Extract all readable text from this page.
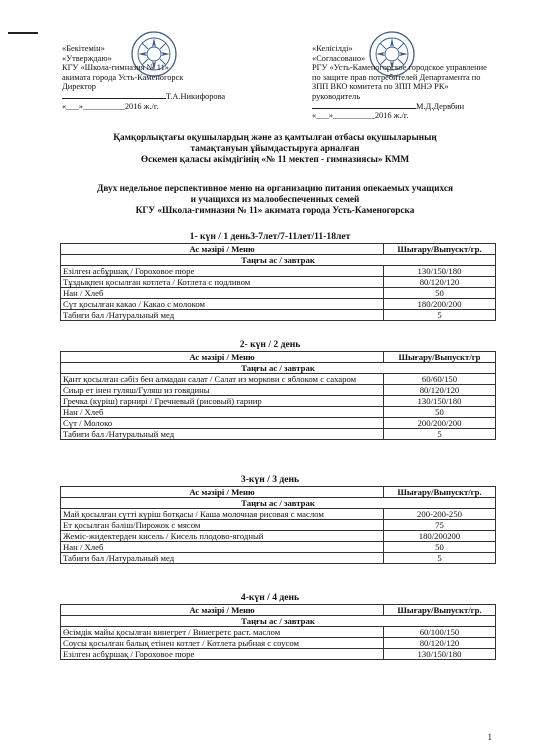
«Бекітемін»
«Утверждаю»
КГУ «Школа-гимназия № 11»
акимата города Усть-Каменогорск
Директор
Т.А.Никифорова
«___»__________2016 ж./г.
«Келісілді»
«Согласовано»
РГУ «Усть-Каменогорское городское управление
по защите прав потребителей Департамента по
ЗПП ВКО комитета по ЗПП МНЭ РК»
руководитель
М.Д.Дервбин
«___»__________2016 ж./г.
Қамқорлықтағы оқушылардың және аз қамтылған отбасы оқушыларының
тамақтануын ұйымдастыруға арналған
Өскемен қаласы әкімдігінің «№ 11 мектеп - гимназиясы» КММ
Двух недельное перспективное меню на организацию питания опекаемых учащихся
и учащихся из малообеспеченных семей
КГУ «Школа-гимназия № 11» акимата города Усть-Каменогорска
1- күн / 1 день3-7лет/7-11лет/11-18лет
Ас мәзірі / Меню	Шығару/Выпускт/гр.
Таңғы ас / завтрак	
Езілген асбұршақ / Гороховое пюре	130/150/180
Тұздықпен қосылған котлета / Котлета с подливом	80/120/120
Нан / Хлеб	50
Сүт қосылған какао / Какао с молоком	180/200/200
Табиғи бал /Натуральный мед	5
2- күн / 2 день
Ас мәзірі / Меню	Шығару/Выпускт/гр
Таңғы ас / завтрак	
Қант қосылған сәбіз бен алмадан салат / Салат из моркови с яблоком с сахаром	60/60/150
Сиыр ет інен гуляш/Гуляш из говядины	80/120/120
Гречка (күріш) гарнирі / Гречневый (рисовый) гарнир	130/150/180
Нан / Хлеб	50
Сүт / Молоко	200/200/200
Табиғи бал /Натуральный мед	5
3-күн / 3 день
Ас мәзірі / Меню	Шығару/Выпускт/гр.
Таңғы ас / завтрак	
Май қосылған сүтті күріш ботқасы / Каша молочная рисовая с маслом	200-200-250
Ет қосылған бәліш/Пирожок с мясом	75
Жеміс-жидектерден кисель / Кисель плодово-ягодный	180/200200
Нан / Хлеб	50
Табиғи бал /Натуральный мед	5
4-күн / 4 день
Ас мәзірі / Меню	Шығару/Выпускт/гр.
Таңғы ас / завтрак	
Өсімдік майы қосылған винегрет / Винегретс раст. маслом	60/100/150
Соусы қосылған балық етінен котлет / Котлета рыбная с соусом	80/120/120
Езілген асбұршақ / Гороховое пюре	130/150/180
1
